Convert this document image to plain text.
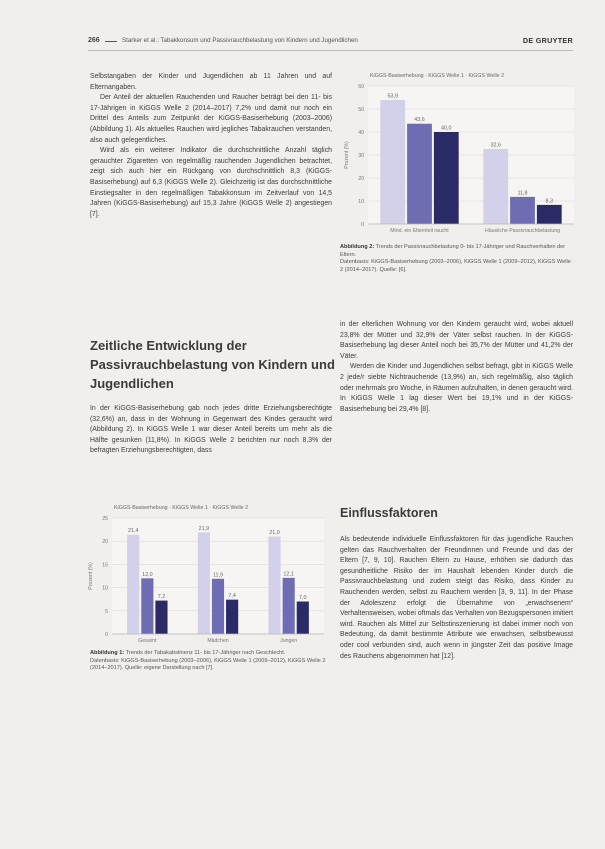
266	Starker et al.: Tabakkonsum und Passivrauchbelastung von Kindern und Jugendlichen	DE GRUYTER

Selbstangaben der Kinder und Jugendlichen ab 11 Jahren und auf Elternangaben.

Der Anteil der aktuellen Rauchenden und Raucher beträgt bei den 11- bis 17-Jährigen in KiGGS Welle 2 (2014–2017) 7,2% und damit nur noch ein Drittel des Anteils zum Zeitpunkt der KiGGS-Basiserhebung (2003–2006) (Abbildung 1). Als aktuelles Rauchen wird jegliches Tabakrauchen verstanden, also auch gelegentliches.

Wird als ein weiterer Indikator die durchschnittliche Anzahl täglich gerauchter Zigaretten von regelmäßig rauchenden Jugendlichen betrachtet, zeigt sich auch hier ein Rückgang von durchschnittlich 8,3 (KiGGS-Basiserhebung) auf 6,3 (KiGGS Welle 2). Gleichzeitig ist das durchschnittliche Einstiegsalter in den regelmäßigen Tabakkonsum im Zeitverlauf von 14,5 Jahren (KiGGS-Basiserhebung) auf 15,3 Jahre (KiGGS Welle 2) angestiegen [7].

Zeitliche Entwicklung der Passivrauchbelastung von Kindern und Jugendlichen

In der KiGGS-Basiserhebung gab noch jedes dritte Erziehungsberechtigte (32,6%) an, dass in der Wohnung in Gegenwart des Kindes geraucht wird (Abbildung 2). In KiGGS Welle 1 war dieser Anteil bereits um mehr als die Hälfte gesunken (11,8%). In KiGGS Welle 2 berichten nur noch 8,3% der befragten Erziehungsberechtigten, dass

KiGGS-Basiserhebung · KiGGS Welle 1 · KiGGS Welle 2
0
10
20
30
40
50
60
Prozent (%)
53,9
43,6
40,0
Mind. ein Elternteil raucht
32,6
11,8
8,3
Häusliche Passivrauchbelastung
Abbildung 2: Trends der Passivrauchbelastung 0- bis 17-Jähriger und Rauchverhalten der Eltern.
Datenbasis: KiGGS-Basiserhebung (2003–2006), KiGGS Welle 1 (2009–2012), KiGGS Welle 2 (2014–2017). Quelle: [6].

in der elterlichen Wohnung vor den Kindern geraucht wird, wobei aktuell 23,8% der Mütter und 32,9% der Väter selbst rauchen. In der KiGGS-Basiserhebung lag dieser Anteil noch bei 35,7% der Mütter und 41,2% der Väter.

Werden die Kinder und Jugendlichen selbst befragt, gibt in KiGGS Welle 2 jede/r siebte Nichtrauchende (13,9%) an, sich regelmäßig, also täglich oder mehrmals pro Woche, in Räumen aufzuhalten, in denen geraucht wird. In KiGGS Welle 1 lag dieser Wert bei 19,1% und in der KiGGS-Basiserhebung bei 29,4% [8].

Einflussfaktoren

Als bedeutende individuelle Einflussfaktoren für das jugendliche Rauchen gelten das Rauchverhalten der Freundinnen und Freunde und das der Eltern [7, 9, 10]. Rauchen Eltern zu Hause, erhöhen sie dadurch das gesundheitliche Risiko der im Haushalt lebenden Kinder durch die Passivrauchbelastung und zudem steigt das Risiko, dass Kinder zu Rauchenden werden, selbst zu Rauchern werden [3, 9, 11]. In der Phase der Adoleszenz erfolgt die Übernahme von „erwachsenem“ Verhaltensweisen, wobei oftmals das Verhalten von Bezugspersonen imitiert wird. Rauchen als Mittel zur Selbstinszenierung ist dabei immer noch von Bedeutung, da damit bestimmte Attribute wie erwachsen, selbstbewusst oder cool verbunden sind, auch wenn in jüngster Zeit das positive Image des Rauchens abgenommen hat [12].

KiGGS-Basiserhebung · KiGGS Welle 1 · KiGGS Welle 2
0
5
10
15
20
25
Prozent (%)
21,4
12,0
7,2
Gesamt
21,9
11,9
7,4
Mädchen
21,0
12,1
7,0
Jungen
Abbildung 1: Trends der Tabakabstinenz 11- bis 17-Jähriger nach Geschlecht.
Datenbasis: KiGGS-Basiserhebung (2003–2006), KiGGS Welle 1 (2009–2012), KiGGS Welle 2 (2014–2017). Quelle: eigene Darstellung nach [7].
